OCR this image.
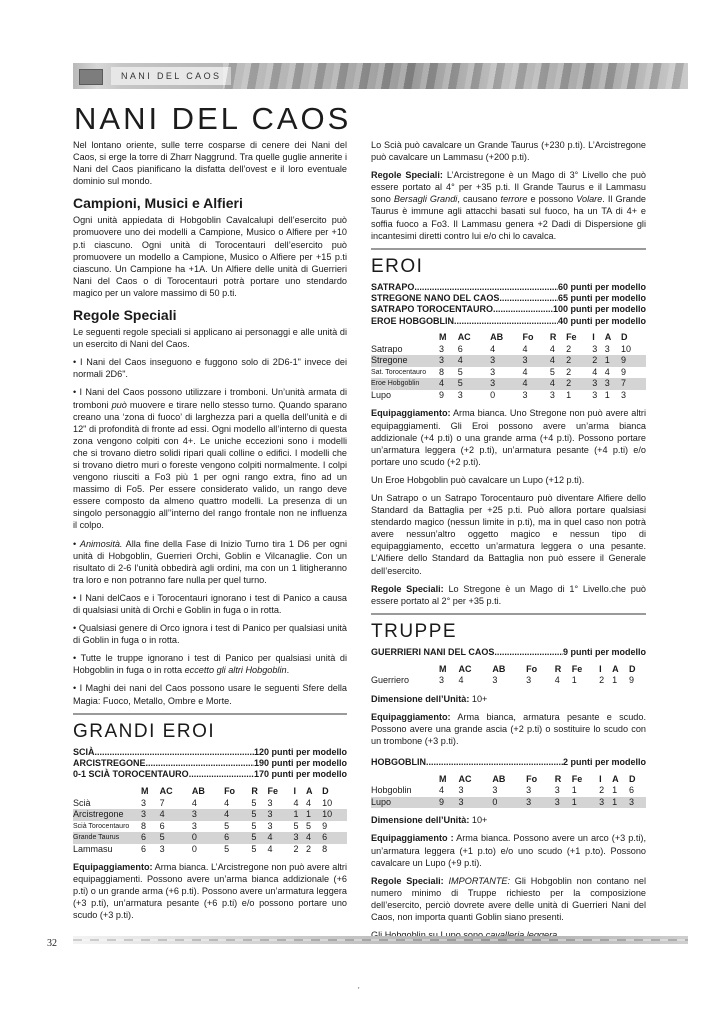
NANI DEL CAOS
NANI DEL CAOS

Nel lontano oriente, sulle terre cosparse di cenere dei Nani del Caos, si erge la torre di Zharr Naggrund. Tra quelle guglie annerite i Nani del Caos pianificano la disfatta dell’ovest e il loro eventuale dominio sul mondo.

Campioni, Musici e Alfieri

Ogni unità appiedata di Hobgoblin Cavalcalupi dell’esercito può promuovere uno dei modelli a Campione, Musico o Alfiere per +10 p.ti ciascuno. Ogni unità di Torocentauri dell’esercito può promuovere un modello a Campione, Musico o Alfiere per +15 p.ti ciascuno. Un Campione ha +1A. Un Alfiere delle unità di Guerrieri Nani del Caos o di Torocentauri potrà portare uno stendardo magico per un valore massimo di 50 p.ti.

Regole Speciali

Le seguenti regole speciali si applicano ai personaggi e alle unità di un esercito di Nani del Caos.

• I Nani del Caos inseguono e fuggono solo di 2D6-1" invece dei normali 2D6".

• I Nani del Caos possono utilizzare i tromboni. Un’unità armata di tromboni può muovere e tirare nello stesso turno. Quando sparano creano una ‘zona di fuoco’ di larghezza pari a quella dell’unità e di 12" di profondità di fronte ad essi. Ogni modello all’interno di questa zona vengono colpiti con 4+. Le uniche eccezioni sono i modelli che si trovano dietro solidi ripari quali colline o edifici. I modelli che si trovano dietro muri o foreste vengono colpiti normalmente. I colpi vengono riusciti a Fo3 più 1 per ogni rango extra, fino ad un massimo di Fo5. Per essere considerato valido, un rango deve essere composto da almeno quattro modelli. La presenza di un singolo personaggio all’’interno del rango frontale non ne influenza il colpo.

• Animosità. Alla fine della Fase di Inizio Turno tira 1 D6 per ogni unità di Hobgoblin, Guerrieri Orchi, Goblin e Vilcanaglie. Con un risultato di 2-6 l’unità obbedirà agli ordini, ma con un 1 litigheranno tra loro e non potranno fare nulla per quel turno.

• I Nani delCaos e i Torocentauri ignorano i test di Panico a causa di qualsiasi unità di Orchi e Goblin in fuga o in rotta.

• Qualsiasi genere di Orco ignora i test di Panico per qualsiasi unità di Goblin in fuga o in rotta.

• Tutte le truppe ignorano i test di Panico per qualsiasi unità di Hobgoblin in fuga o in rotta eccetto gli altri Hobgoblin.

• I Maghi dei nani del Caos possono usare le seguenti Sfere della Magia: Fuoco, Metallo, Ombre e Morte.

GRANDI EROI
SCIÀ .....	120 punti per modello
ARCISTREGONE .....	190 punti per modello
0-1 SCIÀ TOROCENTAURO .....	170 punti per modello
	M	AC	AB	Fo	R	Fe	I	A	D
Scià	3	7	4	4	5	3	4	4	10
Arcistregone	3	4	3	4	5	3	1	1	10
Scià Torocentauro	8	6	3	5	5	3	5	5	9
Grande Taurus	6	5	0	6	5	4	3	4	6
Lammasu	6	3	0	5	5	4	2	2	8

Equipaggiamento: Arma bianca. L’Arcistregone non può avere altri equipaggiamenti. Possono avere un’arma bianca addizionale (+6 p.ti) o un grande arma (+6 p.ti). Possono avere un’armatura leggera (+3 p.ti), un’armatura pesante (+6 p.ti) e/o possono portare uno scudo (+3 p.ti).

Lo Scià può cavalcare un Grande Taurus (+230 p.ti). L’Arcistregone può cavalcare un Lammasu (+200 p.ti).

Regole Speciali: L’Arcistregone è un Mago di 3° Livello che può essere portato al 4° per +35 p.ti. Il Grande Taurus e il Lammasu sono Bersagli Grandi, causano terrore e possono Volare. Il Grande Taurus è immune agli attacchi basati sul fuoco, ha un TA di 4+ e soffia fuoco a Fo3. Il Lammasu genera +2 Dadi di Dispersione gli incantesimi diretti contro lui e/o chi lo cavalca.

EROI
SATRAPO .....	60 punti per modello
STREGONE NANO DEL CAOS .....	65 punti per modello
SATRAPO TOROCENTAURO .....	100 punti per modello
EROE HOBGOBLIN .....	40 punti per modello
	M	AC	AB	Fo	R	Fe	I	A	D
Satrapo	3	6	4	4	4	2	3	3	10
Stregone	3	4	3	3	4	2	2	1	9
Sat. Torocentauro	8	5	3	4	5	2	4	4	9
Eroe Hobgoblin	4	5	3	4	4	2	3	3	7
Lupo	9	3	0	3	3	1	3	1	3

Equipaggiamento: Arma bianca. Uno Stregone non può avere altri equipaggiamenti. Gli Eroi possono avere un’arma bianca addizionale (+4 p.ti) o una grande arma (+4 p.ti). Possono portare un’armatura leggera (+2 p.ti), un’armatura pesante (+4 p.ti) e/o portare uno scudo (+2 p.ti).

Un Eroe Hobgoblin può cavalcare un Lupo (+12 p.ti).

Un Satrapo o un Satrapo Torocentauro può diventare Alfiere dello Standard da Battaglia per +25 p.ti. Può allora portare qualsiasi stendardo magico (nessun limite in p.ti), ma in quel caso non potrà avere nessun’altro oggetto magico e nessun tipo di equipaggiamento, eccetto un’armatura leggera o una pesante. L’Alfiere dello Standard da Battaglia non può essere il Generale dell’esercito.

Regole Speciali: Lo Stregone è un Mago di 1° Livello.che può essere portato al 2° per +35 p.ti.

TRUPPE
GUERRIERI NANI DEL CAOS .....	9 punti per modello
	M	AC	AB	Fo	R	Fe	I	A	D
Guerriero	3	4	3	3	4	1	2	1	9

Dimensione dell’Unità: 10+

Equipaggiamento: Arma bianca, armatura pesante e scudo. Possono avere una grande ascia (+2 p.ti) o sostituire lo scudo con un trombone (+3 p.ti).

HOBGOBLIN .....	2 punti per modello
	M	AC	AB	Fo	R	Fe	I	A	D
Hobgoblin	4	3	3	3	3	1	2	1	6
Lupo	9	3	0	3	3	1	3	1	3

Dimensione dell’Unità: 10+

Equipaggiamento : Arma bianca. Possono avere un arco (+3 p.ti), un’armatura leggera (+1 p.to) e/o uno scudo (+1 p.to). Possono cavalcare un Lupo (+9 p.ti).

Regole Speciali: IMPORTANTE: Gli Hobgoblin non contano nel numero minimo di Truppe richiesto per la composizione dell’esercito, perciò dovrete avere delle unità di Guerrieri Nani del Caos, non importa quanti Goblin siano presenti.

32
'
